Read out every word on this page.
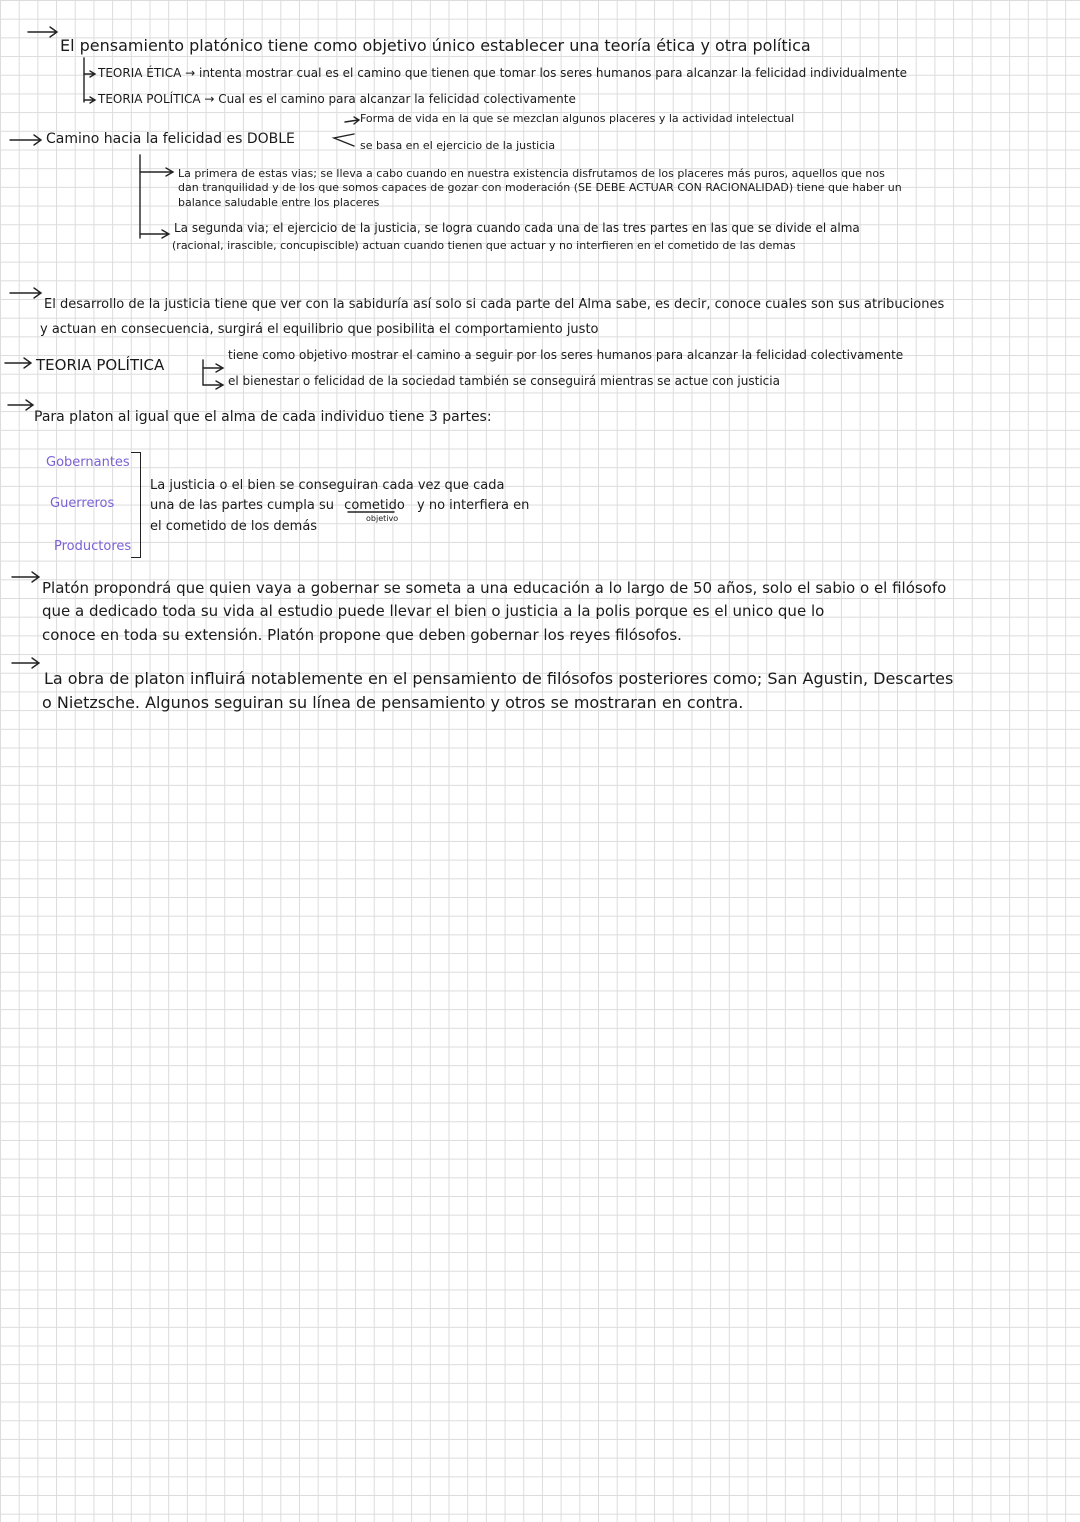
El pensamiento platónico tiene como objetivo único establecer una teoría ética y otra política
TEORIA ÉTICA → intenta mostrar cual es el camino que tienen que tomar los seres humanos para alcanzar la felicidad individualmente
TEORIA POLÍTICA → Cual es el camino para alcanzar la felicidad colectivamente
Camino hacia la felicidad es DOBLE
Forma de vida en la que se mezclan algunos placeres y la actividad intelectual
se basa en el ejercicio de la justicia
La primera de estas vias; se lleva a cabo cuando en nuestra existencia disfrutamos de los placeres más puros, aquellos que nos
dan tranquilidad y de los que somos capaces de gozar con moderación (SE DEBE ACTUAR CON RACIONALIDAD) tiene que haber un
balance saludable entre los placeres
La segunda via; el ejercicio de la justicia, se logra cuando cada una de las tres partes en las que se divide el alma
(racional, irascible, concupiscible) actuan cuando tienen que actuar y no interfieren en el cometido de las demas
El desarrollo de la justicia tiene que ver con la sabiduría así solo si cada parte del Alma sabe, es decir, conoce cuales son sus atribuciones
y actuan en consecuencia, surgirá el equilibrio que posibilita el comportamiento justo
TEORIA POLÍTICA
tiene como objetivo mostrar el camino a seguir por los seres humanos para alcanzar la felicidad colectivamente
el bienestar o felicidad de la sociedad también se conseguirá mientras se actue con justicia
Para platon al igual que el alma de cada individuo tiene 3 partes:
Gobernantes
Guerreros
Productores
La justicia o el bien se conseguiran cada vez que cada
una de las partes cumpla su cometido y no interfiera en
objetivo
el cometido de los demás
Platón propondrá que quien vaya a gobernar se someta a una educación a lo largo de 50 años, solo el sabio o el filósofo
que a dedicado toda su vida al estudio puede llevar el bien o justicia a la polis porque es el unico que lo
conoce en toda su extensión. Platón propone que deben gobernar los reyes filósofos.
La obra de platon influirá notablemente en el pensamiento de filósofos posteriores como; San Agustin, Descartes
o Nietzsche. Algunos seguiran su línea de pensamiento y otros se mostraran en contra.
